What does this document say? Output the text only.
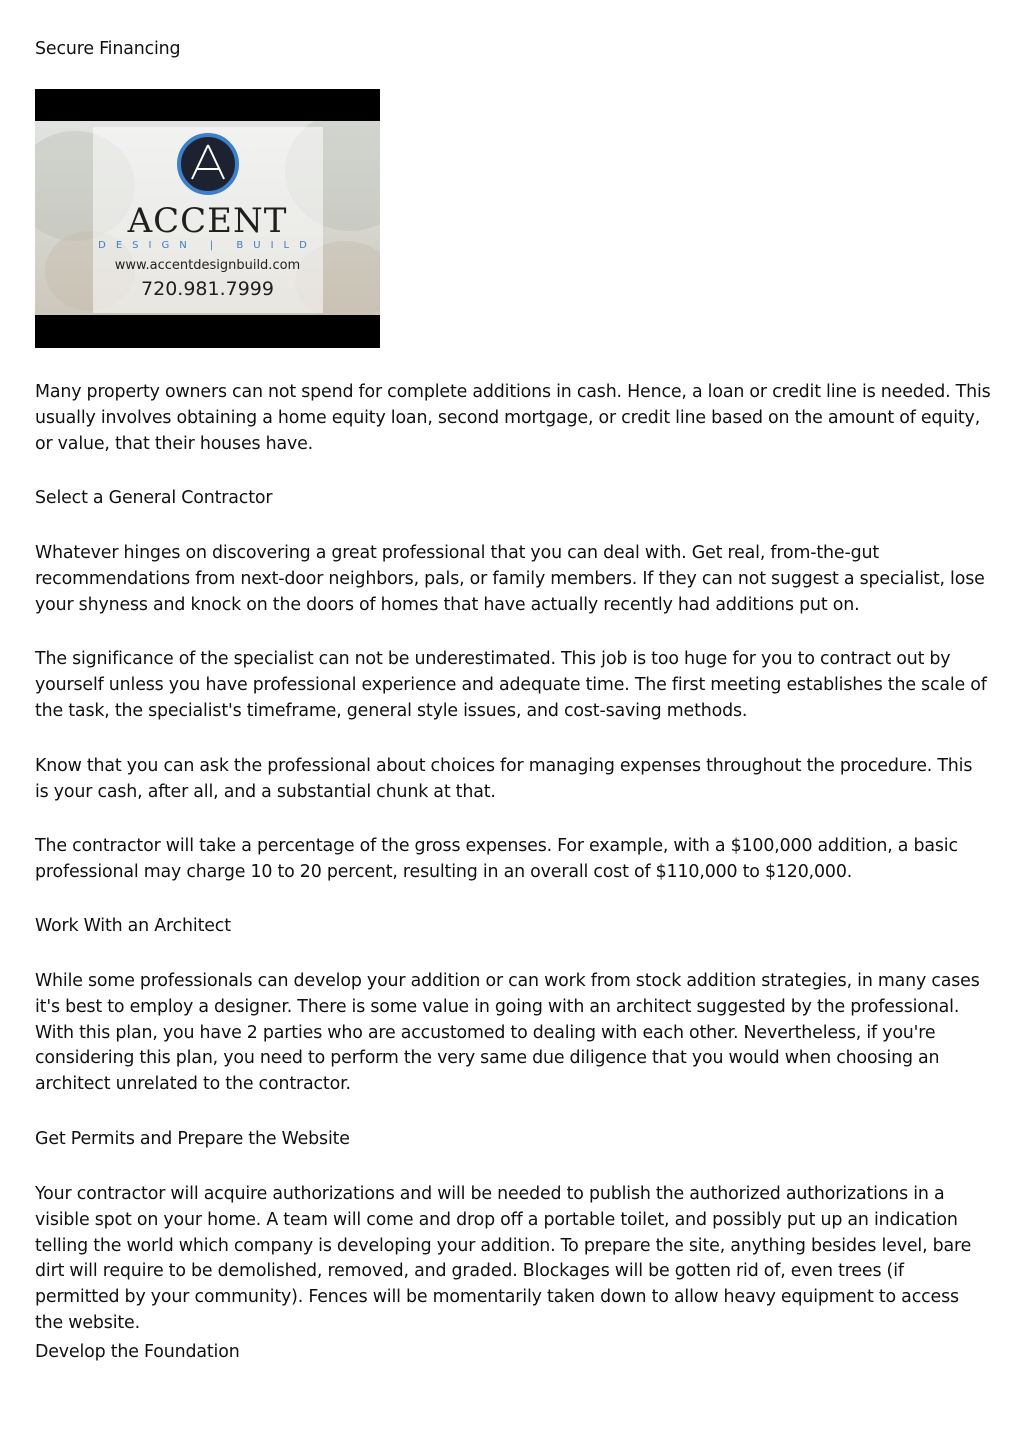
Secure Financing

ACCENT
DESIGN | BUILD
www.accentdesignbuild.com
720.981.7999

Many property owners can not spend for complete additions in cash. Hence, a loan or credit line is needed. This usually involves obtaining a home equity loan, second mortgage, or credit line based on the amount of equity, or value, that their houses have.

Select a General Contractor

Whatever hinges on discovering a great professional that you can deal with. Get real, from-the-gut recommendations from next-door neighbors, pals, or family members. If they can not suggest a specialist, lose your shyness and knock on the doors of homes that have actually recently had additions put on.

The significance of the specialist can not be underestimated. This job is too huge for you to contract out by yourself unless you have professional experience and adequate time. The first meeting establishes the scale of the task, the specialist's timeframe, general style issues, and cost-saving methods.

Know that you can ask the professional about choices for managing expenses throughout the procedure. This is your cash, after all, and a substantial chunk at that.

The contractor will take a percentage of the gross expenses. For example, with a $100,000 addition, a basic professional may charge 10 to 20 percent, resulting in an overall cost of $110,000 to $120,000.

Work With an Architect

While some professionals can develop your addition or can work from stock addition strategies, in many cases it's best to employ a designer. There is some value in going with an architect suggested by the professional. With this plan, you have 2 parties who are accustomed to dealing with each other. Nevertheless, if you're considering this plan, you need to perform the very same due diligence that you would when choosing an architect unrelated to the contractor.

Get Permits and Prepare the Website

Your contractor will acquire authorizations and will be needed to publish the authorized authorizations in a visible spot on your home. A team will come and drop off a portable toilet, and possibly put up an indication telling the world which company is developing your addition. To prepare the site, anything besides level, bare dirt will require to be demolished, removed, and graded. Blockages will be gotten rid of, even trees (if permitted by your community). Fences will be momentarily taken down to allow heavy equipment to access the website.

Develop the Foundation
